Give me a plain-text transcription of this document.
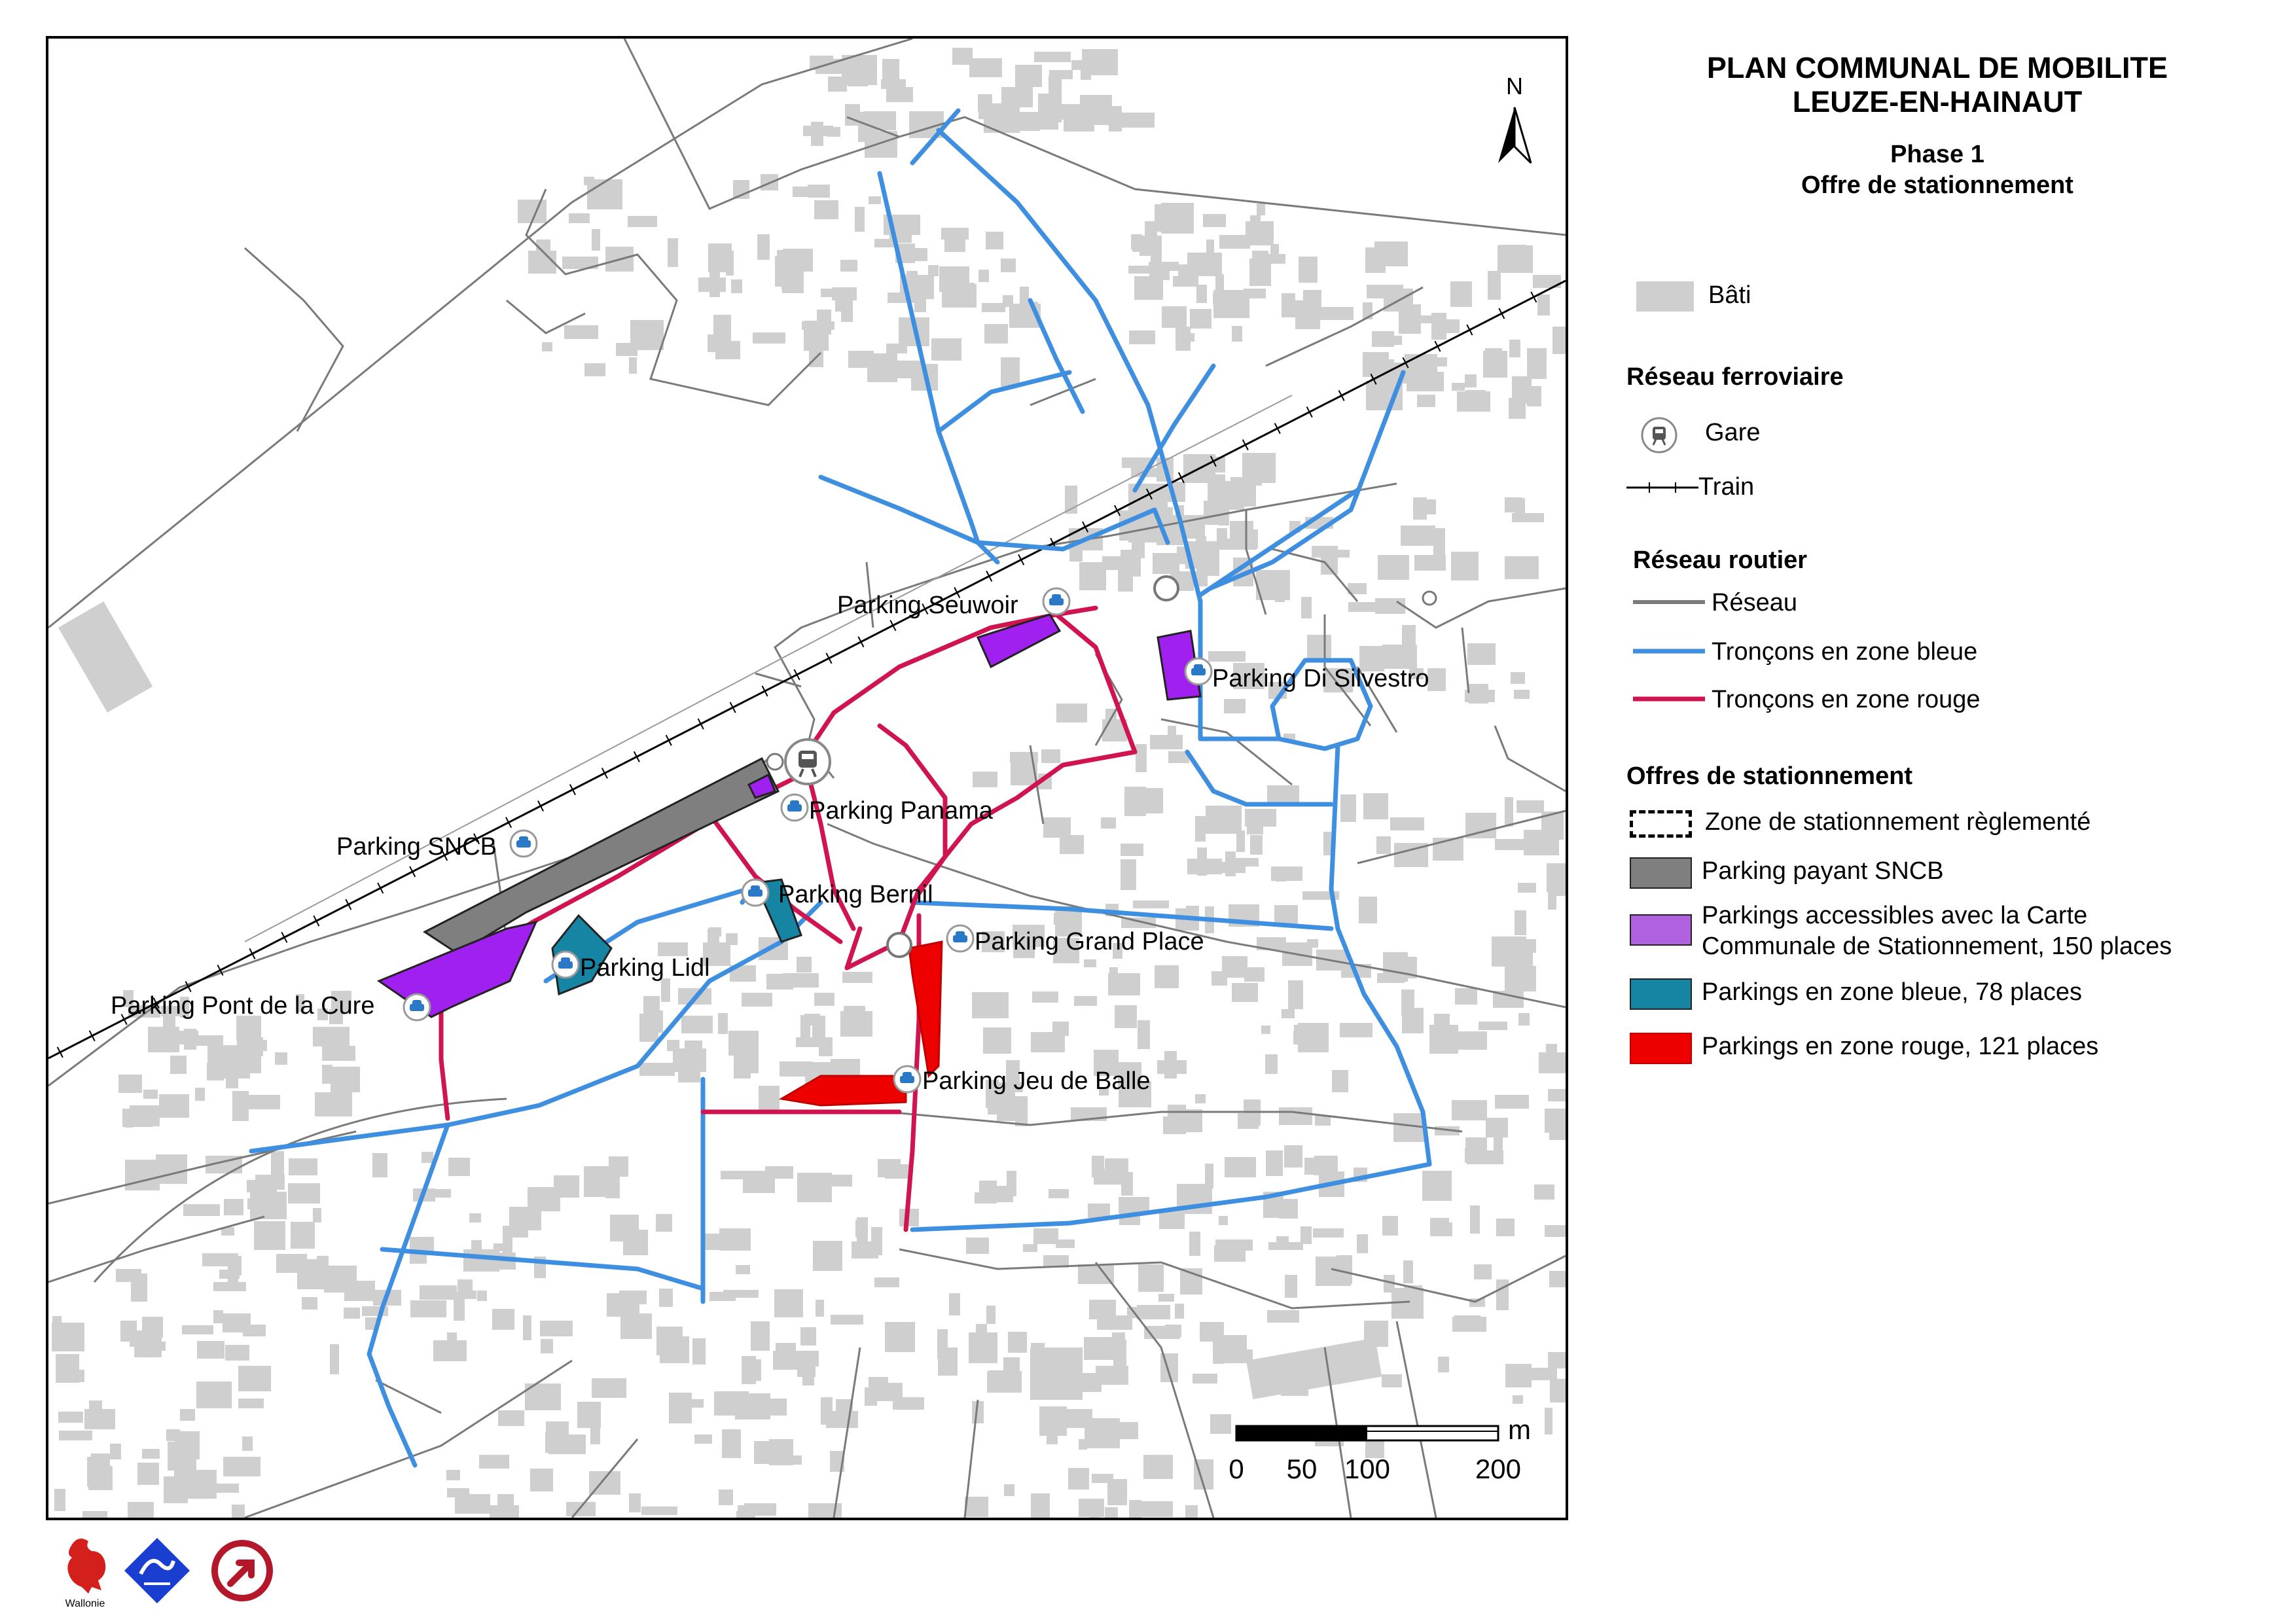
Parking Seuwoir
Parking Di Silvestro
Parking SNCB
Parking Panama
Parking Bernil
Parking Lidl
Parking Grand Place
Parking Pont de la Cure
Parking Jeu de Balle
N
m
0 50 100	200
PLAN COMMUNAL DE MOBILITE
LEUZE-EN-HAINAUT
Phase 1
Offre de stationnement
Bâti
Réseau ferroviaire
Gare
Train
Réseau routier
Réseau
Tronçons en zone bleue
Tronçons en zone rouge
Offres de stationnement
Zone de stationnement règlementé
Parking payant SNCB
Parkings accessibles avec la Carte
Communale de Stationnement, 150 places
Parkings en zone bleue, 78 places
Parkings en zone rouge, 121 places
Wallonie
